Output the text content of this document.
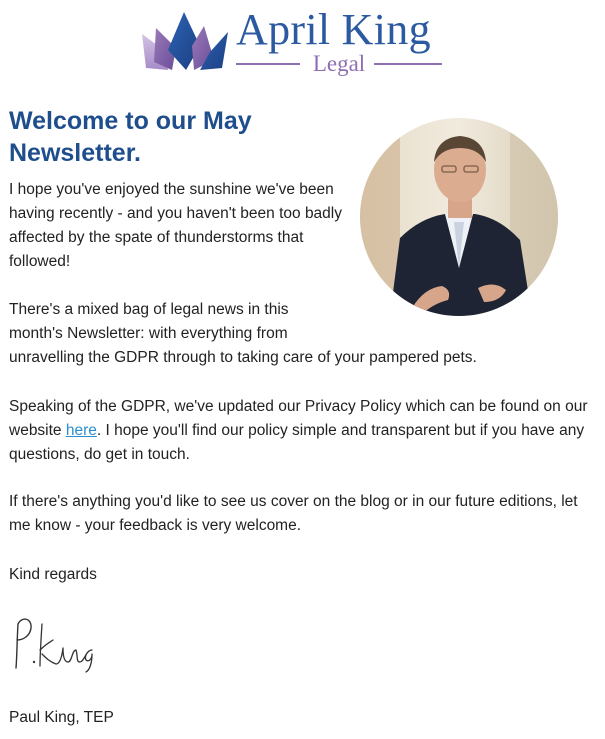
April King
Legal
Welcome to our May Newsletter.

I hope you've enjoyed the sunshine we've been having recently - and you haven't been too badly affected by the spate of thunderstorms that followed!

There's a mixed bag of legal news in this
month's Newsletter: with everything from
unravelling the GDPR through to taking care of your pampered pets.

Speaking of the GDPR, we've updated our Privacy Policy which can be found on our website here. I hope you'll find our policy simple and transparent but if you have any questions, do get in touch.

If there's anything you'd like to see us cover on the blog or in our future editions, let me know - your feedback is very welcome.

Kind regards

Paul King, TEP
